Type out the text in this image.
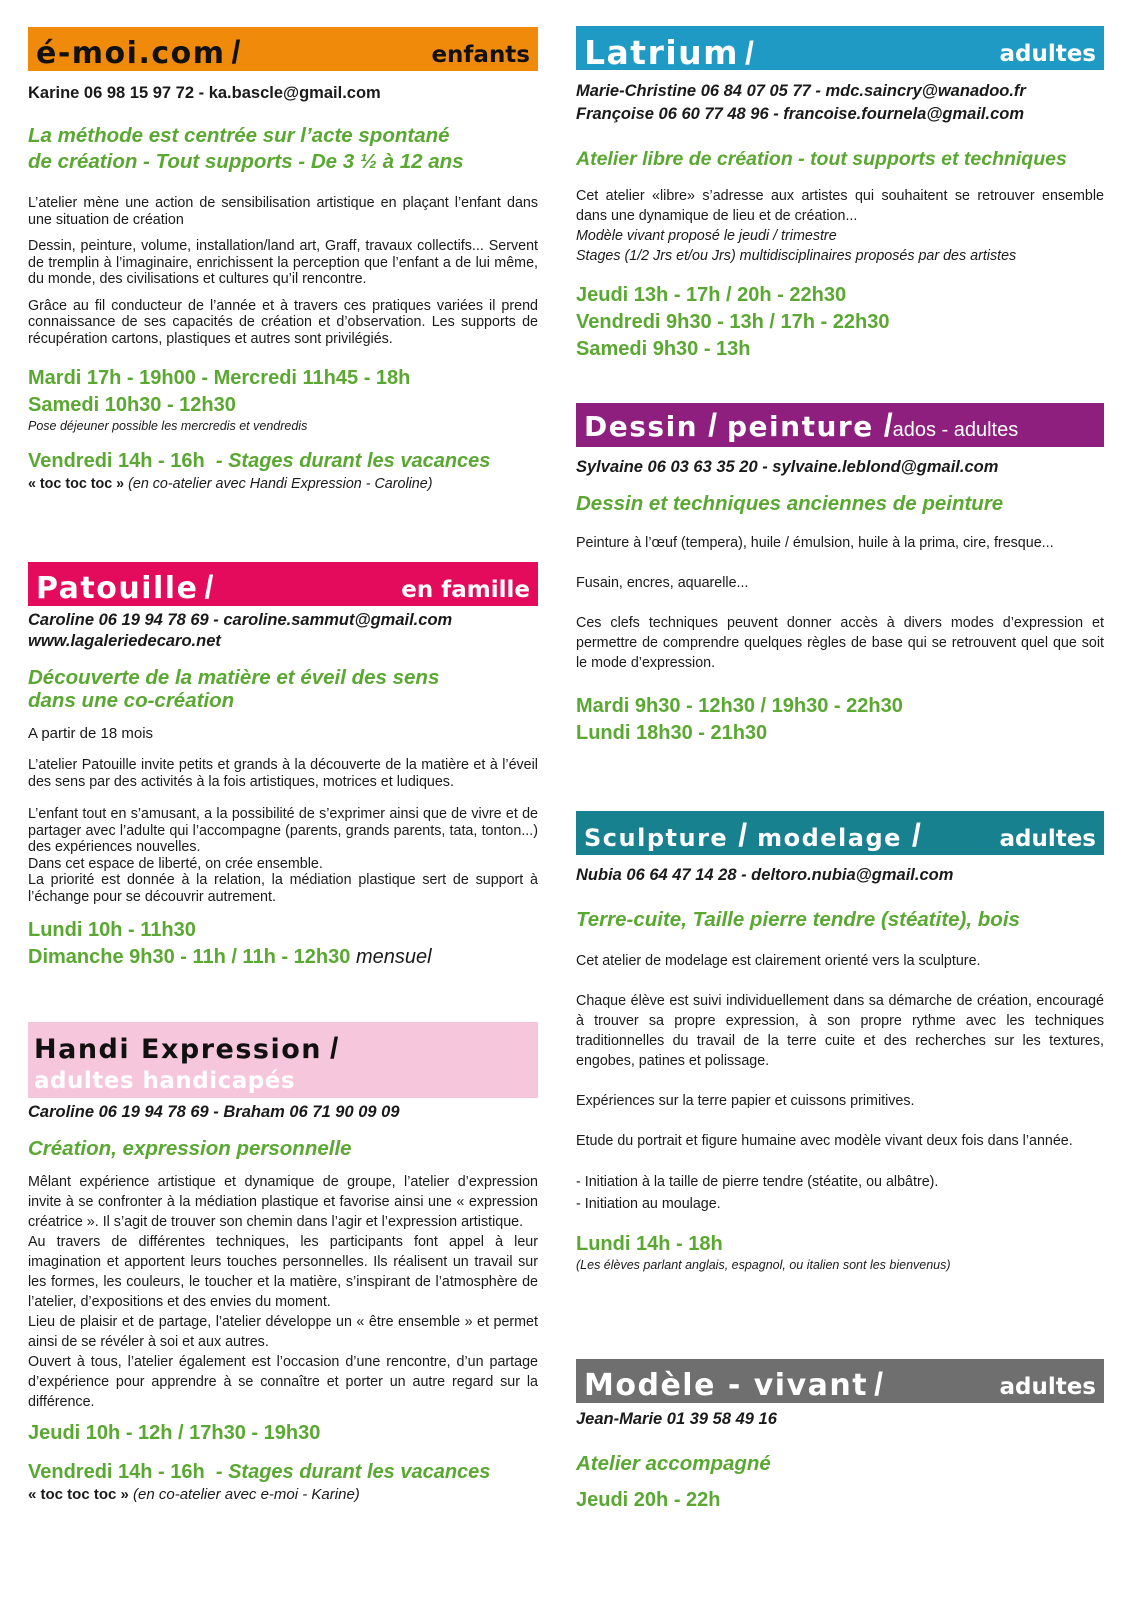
é-moi.com /	enfants
Karine 06 98 15 97 72 - ka.bascle@gmail.com
La méthode est centrée sur l’acte spontané
de création - Tout supports - De 3 ½ à 12 ans
L’atelier mène une action de sensibilisation artistique en plaçant l’enfant dans une situation de création
Dessin, peinture, volume, installation/land art, Graff, travaux collectifs... Servent de tremplin à l’imaginaire, enrichissent la perception que l’enfant a de lui même, du monde, des civilisations et cultures qu’il rencontre.
Grâce au fil conducteur de l’année et à travers ces pratiques variées il prend connaissance de ses capacités de création et d’observation. Les supports de récupération cartons, plastiques et autres sont privilégiés.
Mardi 17h - 19h00 - Mercredi 11h45 - 18h
Samedi 10h30 - 12h30
Pose déjeuner possible les mercredis et vendredis
Vendredi 14h - 16h - Stages durant les vacances
« toc toc toc » (en co-atelier avec Handi Expression - Caroline)
Patouille /	en famille
Caroline 06 19 94 78 69 - caroline.sammut@gmail.com
www.lagaleriedecaro.net
Découverte de la matière et éveil des sens
dans une co-création
A partir de 18 mois
L’atelier Patouille invite petits et grands à la découverte de la matière et à l’éveil des sens par des activités à la fois artistiques, motrices et ludiques.
L’enfant tout en s’amusant, a la possibilité de s’exprimer ainsi que de vivre et de partager avec l’adulte qui l’accompagne (parents, grands parents, tata, tonton...) des expériences nouvelles.
Dans cet espace de liberté, on crée ensemble.
La priorité est donnée à la relation, la médiation plastique sert de support à l’échange pour se découvrir autrement.
Lundi 10h - 11h30
Dimanche 9h30 - 11h / 11h - 12h30 mensuel
Handi Expression /
adultes handicapés
Caroline 06 19 94 78 69 - Braham 06 71 90 09 09
Création, expression personnelle
Mêlant expérience artistique et dynamique de groupe, l’atelier d’expression invite à se confronter à la médiation plastique et favorise ainsi une « expression créatrice ». Il s’agit de trouver son chemin dans l’agir et l’expression artistique.
Au travers de différentes techniques, les participants font appel à leur imagination et apportent leurs touches personnelles. Ils réalisent un travail sur les formes, les couleurs, le toucher et la matière, s’inspirant de l’atmosphère de l’atelier, d’expositions et des envies du moment.
Lieu de plaisir et de partage, l’atelier développe un « être ensemble » et permet ainsi de se révéler à soi et aux autres.
Ouvert à tous, l’atelier également est l’occasion d’une rencontre, d’un partage d’expérience pour apprendre à se connaître et porter un autre regard sur la différence.
Jeudi 10h - 12h / 17h30 - 19h30
Vendredi 14h - 16h - Stages durant les vacances
« toc toc toc » (en co-atelier avec e-moi - Karine)
Latrium /	adultes
Marie-Christine 06 84 07 05 77 - mdc.saincry@wanadoo.fr
Françoise 06 60 77 48 96 - francoise.fournela@gmail.com
Atelier libre de création - tout supports et techniques
Cet atelier «libre» s’adresse aux artistes qui souhaitent se retrouver ensemble dans une dynamique de lieu et de création...
Modèle vivant proposé le jeudi / trimestre
Stages (1/2 Jrs et/ou Jrs) multidisciplinaires proposés par des artistes
Jeudi 13h - 17h / 20h - 22h30
Vendredi 9h30 - 13h / 17h - 22h30
Samedi 9h30 - 13h
Dessin / peinture /ados - adultes
Sylvaine 06 03 63 35 20 - sylvaine.leblond@gmail.com
Dessin et techniques anciennes de peinture
Peinture à l’œuf (tempera), huile / émulsion, huile à la prima, cire, fresque...
Fusain, encres, aquarelle...
Ces clefs techniques peuvent donner accès à divers modes d’expression et permettre de comprendre quelques règles de base qui se retrouvent quel que soit le mode d’expression.
Mardi 9h30 - 12h30 / 19h30 - 22h30
Lundi 18h30 - 21h30
Sculpture / modelage /	adultes
Nubia 06 64 47 14 28 - deltoro.nubia@gmail.com
Terre-cuite, Taille pierre tendre (stéatite), bois
Cet atelier de modelage est clairement orienté vers la sculpture.
Chaque élève est suivi individuellement dans sa démarche de création, encouragé à trouver sa propre expression, à son propre rythme avec les techniques traditionnelles du travail de la terre cuite et des recherches sur les textures, engobes, patines et polissage.
Expériences sur la terre papier et cuissons primitives.
Etude du portrait et figure humaine avec modèle vivant deux fois dans l’année.
- Initiation à la taille de pierre tendre (stéatite, ou albâtre).
- Initiation au moulage.
Lundi 14h - 18h
(Les élèves parlant anglais, espagnol, ou italien sont les bienvenus)
Modèle - vivant /	adultes
Jean-Marie 01 39 58 49 16
Atelier accompagné
Jeudi 20h - 22h
